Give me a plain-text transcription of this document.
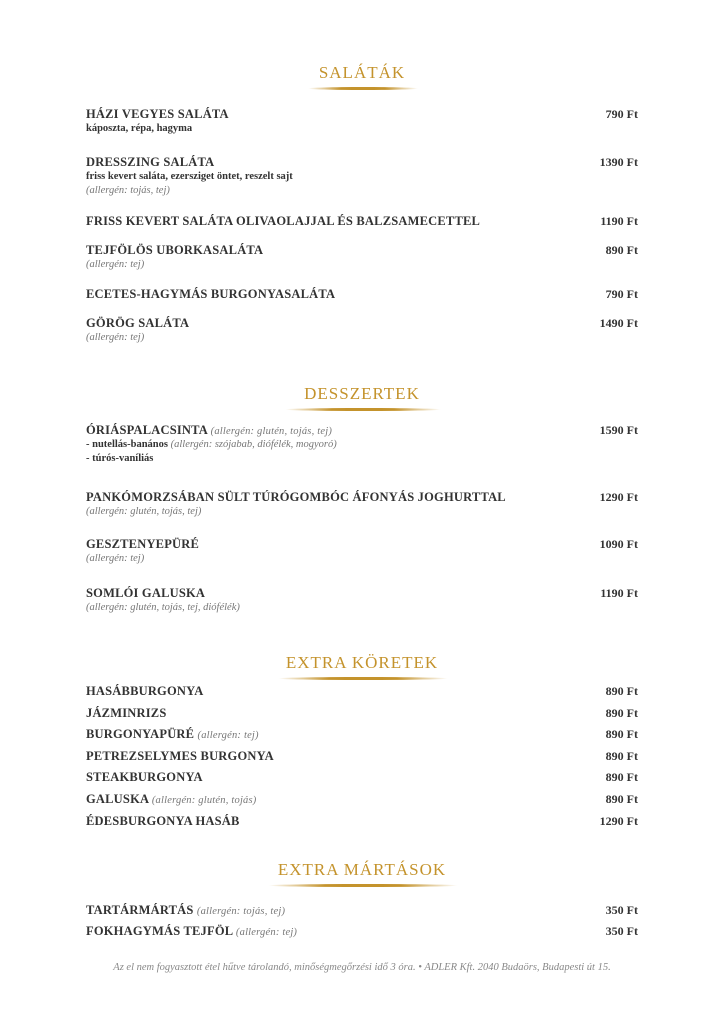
SALÁTÁK
HÁZI VEGYES SALÁTA
káposzta, répa, hagyma
790 Ft
DRESSZING SALÁTA
friss kevert saláta, ezersziget öntet, reszelt sajt
(allergén: tojás, tej)
1390 Ft
FRISS KEVERT SALÁTA OLIVAOLAJJAL ÉS BALZSAMECETTEL	1190 Ft
TEJFÖLÖS UBORKASALÁTA
(allergén: tej)
890 Ft
ECETES-HAGYMÁS BURGONYASALÁTA	790 Ft
GÖRÖG SALÁTA
(allergén: tej)
1490 Ft
DESSZERTEK
ÓRIÁSPALACSINTA (allergén: glutén, tojás, tej)
- nutellás-banános (allergén: szójabab, diófélék, mogyoró)
- túrós-vaníliás
1590 Ft
PANKÓMORZSÁBAN SÜLT TÚRÓGOMBÓC ÁFONYÁS JOGHURTTAL
(allergén: glutén, tojás, tej)
1290 Ft
GESZTENYEPÜRÉ
(allergén: tej)
1090 Ft
SOMLÓI GALUSKA
(allergén: glutén, tojás, tej, diófélék)
1190 Ft
EXTRA KÖRETEK
HASÁBBURGONYA	890 Ft
JÁZMINRIZS	890 Ft
BURGONYAPÜRÉ (allergén: tej)	890 Ft
PETREZSELYMES BURGONYA	890 Ft
STEAKBURGONYA	890 Ft
GALUSKA (allergén: glutén, tojás)	890 Ft
ÉDESBURGONYA HASÁB	1290 Ft
EXTRA MÁRTÁSOK
TARTÁRMÁRTÁS (allergén: tojás, tej)	350 Ft
FOKHAGYMÁS TEJFÖL (allergén: tej)	350 Ft
Az el nem fogyasztott étel hűtve tárolandó, minőségmegőrzési idő 3 óra. • ADLER Kft. 2040 Budaörs, Budapesti út 15.
